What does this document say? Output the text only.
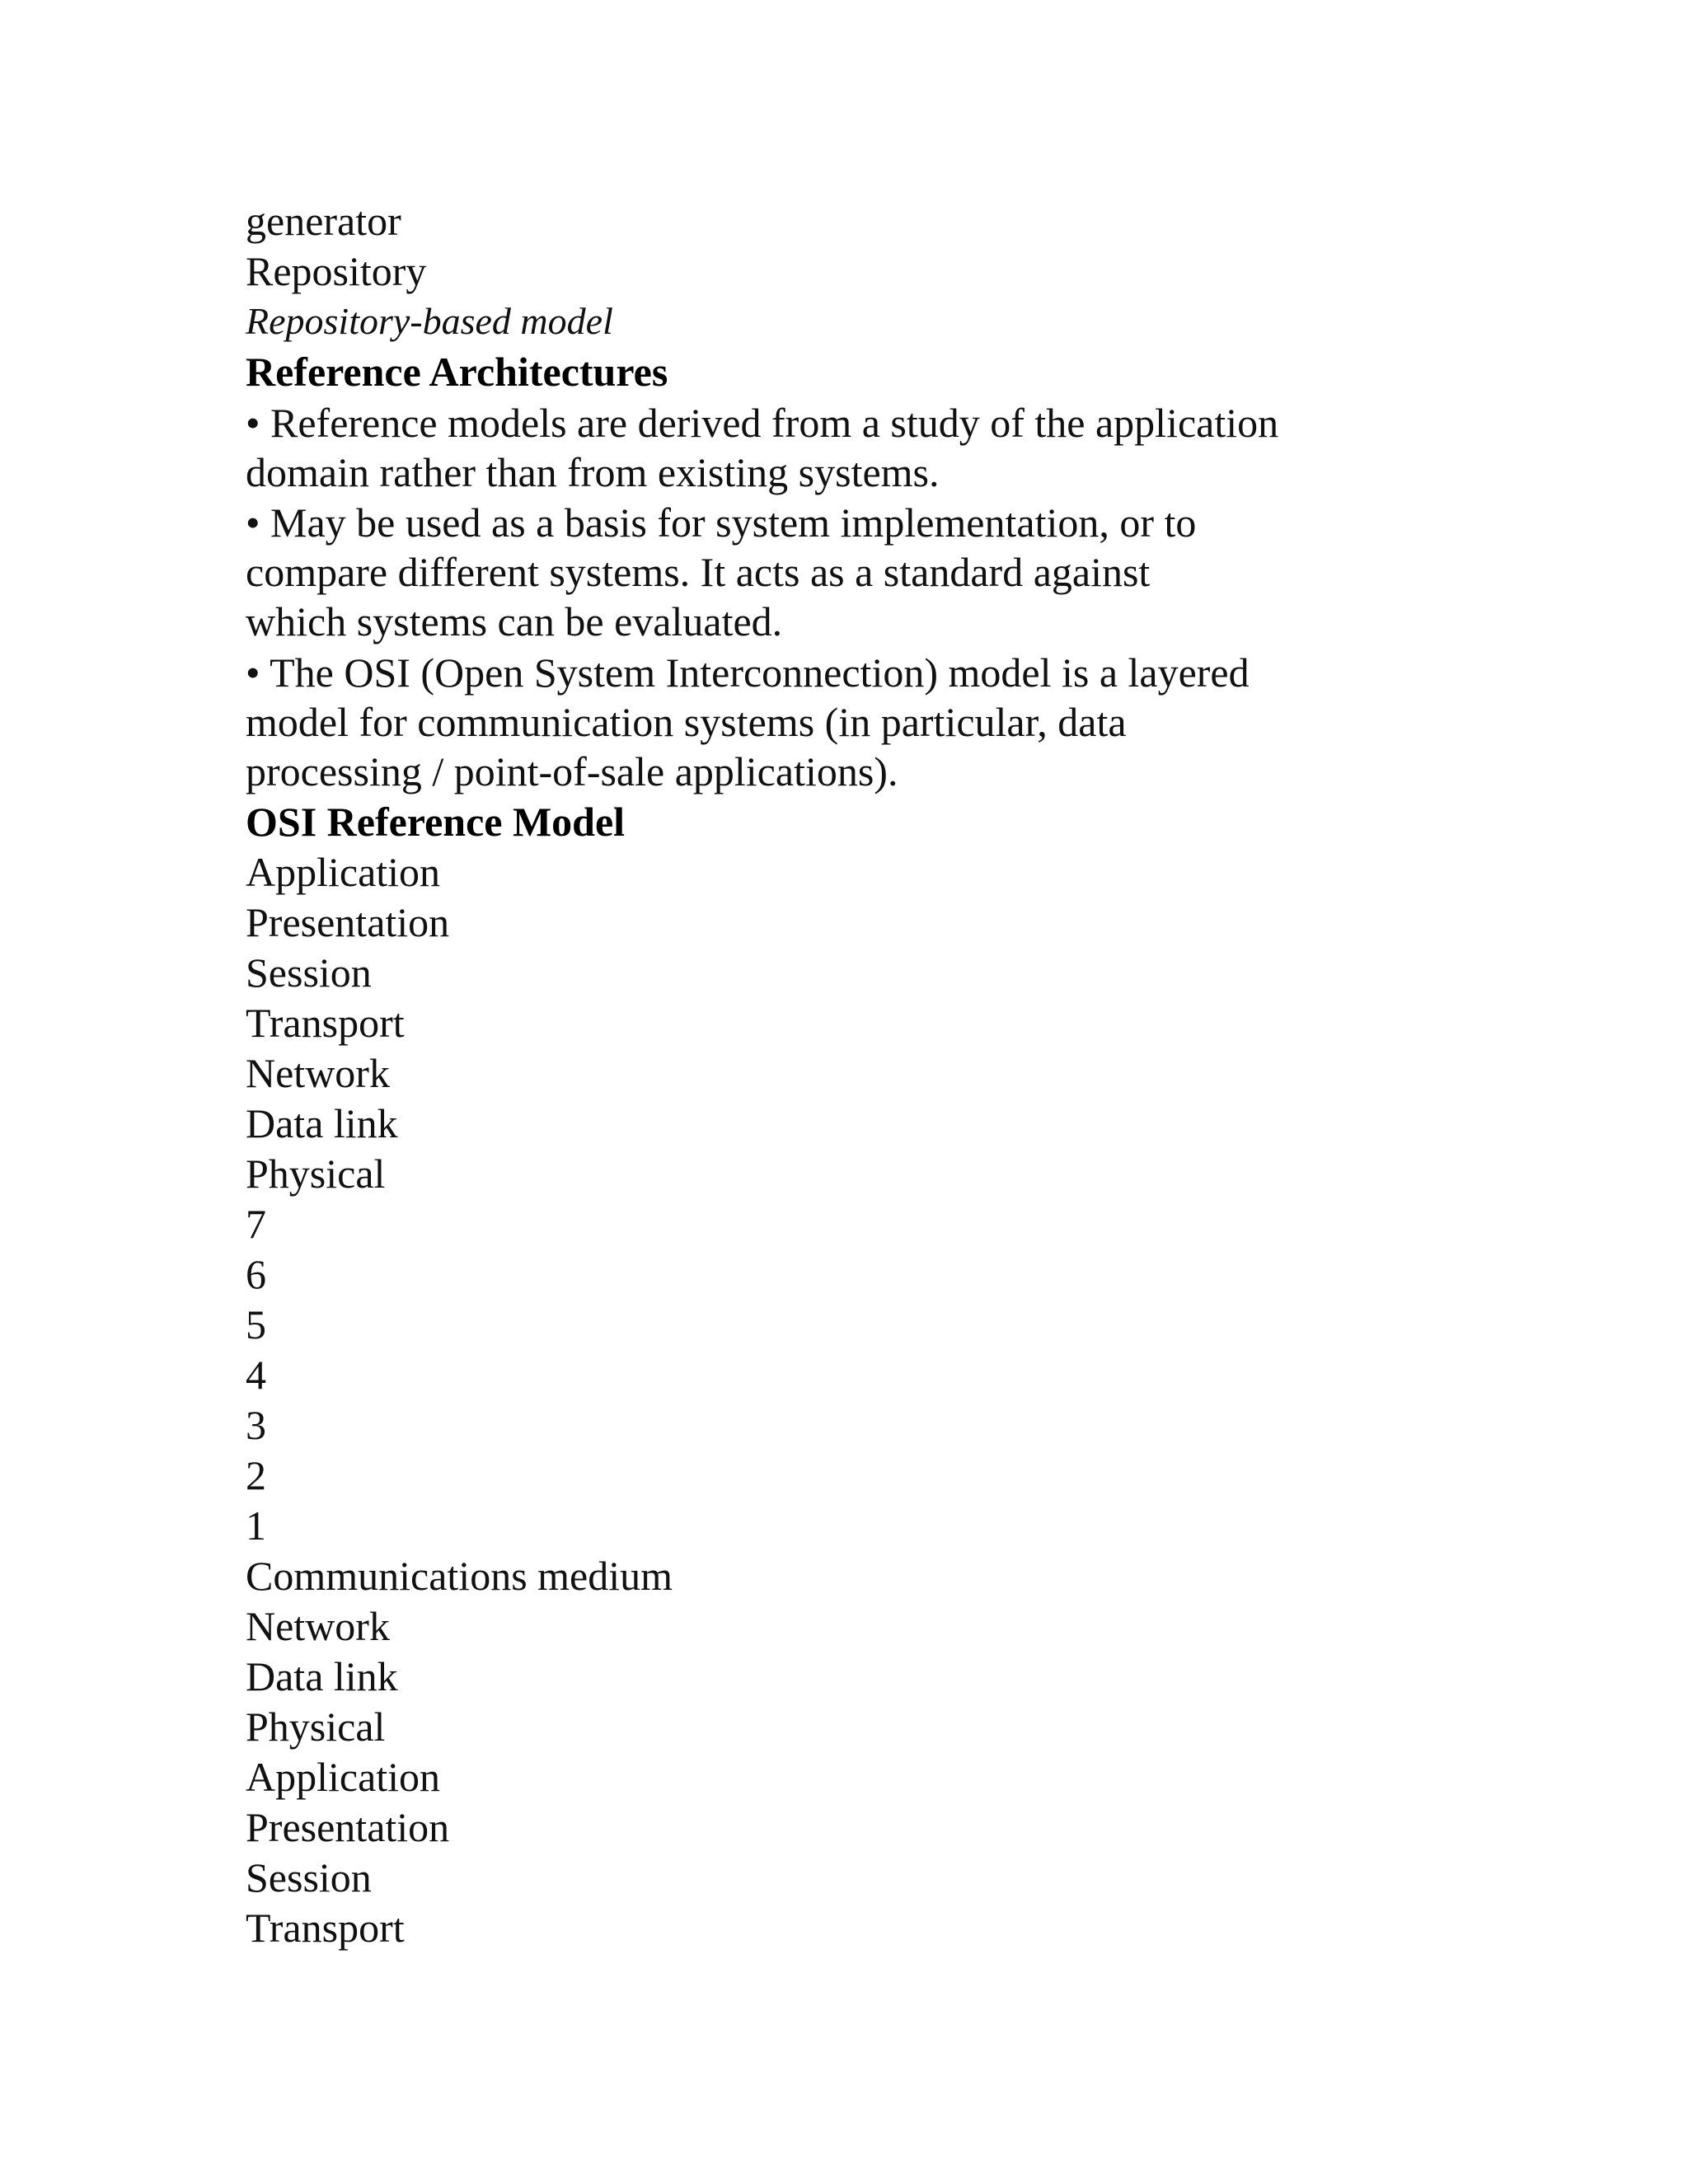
generator
Repository
Repository-based model
Reference Architectures
• Reference models are derived from a study of the application
domain rather than from existing systems.
• May be used as a basis for system implementation, or to
compare different systems. It acts as a standard against
which systems can be evaluated.
• The OSI (Open System Interconnection) model is a layered
model for communication systems (in particular, data
processing / point-of-sale applications).
OSI Reference Model
Application
Presentation
Session
Transport
Network
Data link
Physical
7
6
5
4
3
2
1
Communications medium
Network
Data link
Physical
Application
Presentation
Session
Transport
